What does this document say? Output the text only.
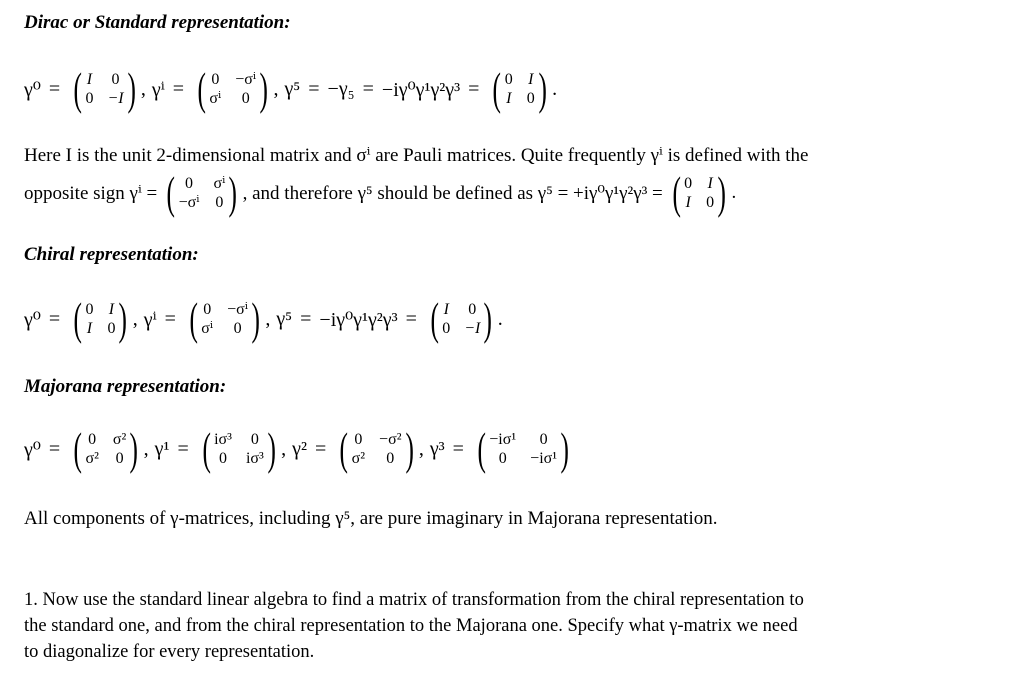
Dirac or Standard representation:
γ⁰ = ( I 0
0 −I ) , γⁱ = ( 0 −σⁱ
σⁱ	0 ) , γ⁵ = −γ₅ = −iγ⁰γ¹γ²γ³ = ( 0 I
I 0 ) .
Here I is the unit 2-dimensional matrix and σⁱ are Pauli matrices. Quite frequently γⁱ is defined with the
opposite sign γⁱ = ( 0	σⁱ
−σⁱ 0 ) , and therefore γ⁵ should be defined as γ⁵ = +iγ⁰γ¹γ²γ³ = ( 0 I
I 0 ) .
Chiral representation:
γ⁰ = ( 0 I
I 0 ) , γⁱ = ( 0 −σⁱ
σⁱ	0 ) , γ⁵ = −iγ⁰γ¹γ²γ³ = ( I 0
0 −I ) .
Majorana representation:
γ⁰ = ( 0 σ²
σ² 0 ) , γ¹ = ( iσ³	0
0	iσ³ ) , γ² = ( 0 −σ²
σ²	0 ) , γ³ = ( −iσ¹	0
0	−iσ¹ )
All components of γ-matrices, including γ⁵, are pure imaginary in Majorana representation.
1. Now use the standard linear algebra to find a matrix of transformation from the chiral representation to
the standard one, and from the chiral representation to the Majorana one. Specify what γ-matrix we need
to diagonalize for every representation.
